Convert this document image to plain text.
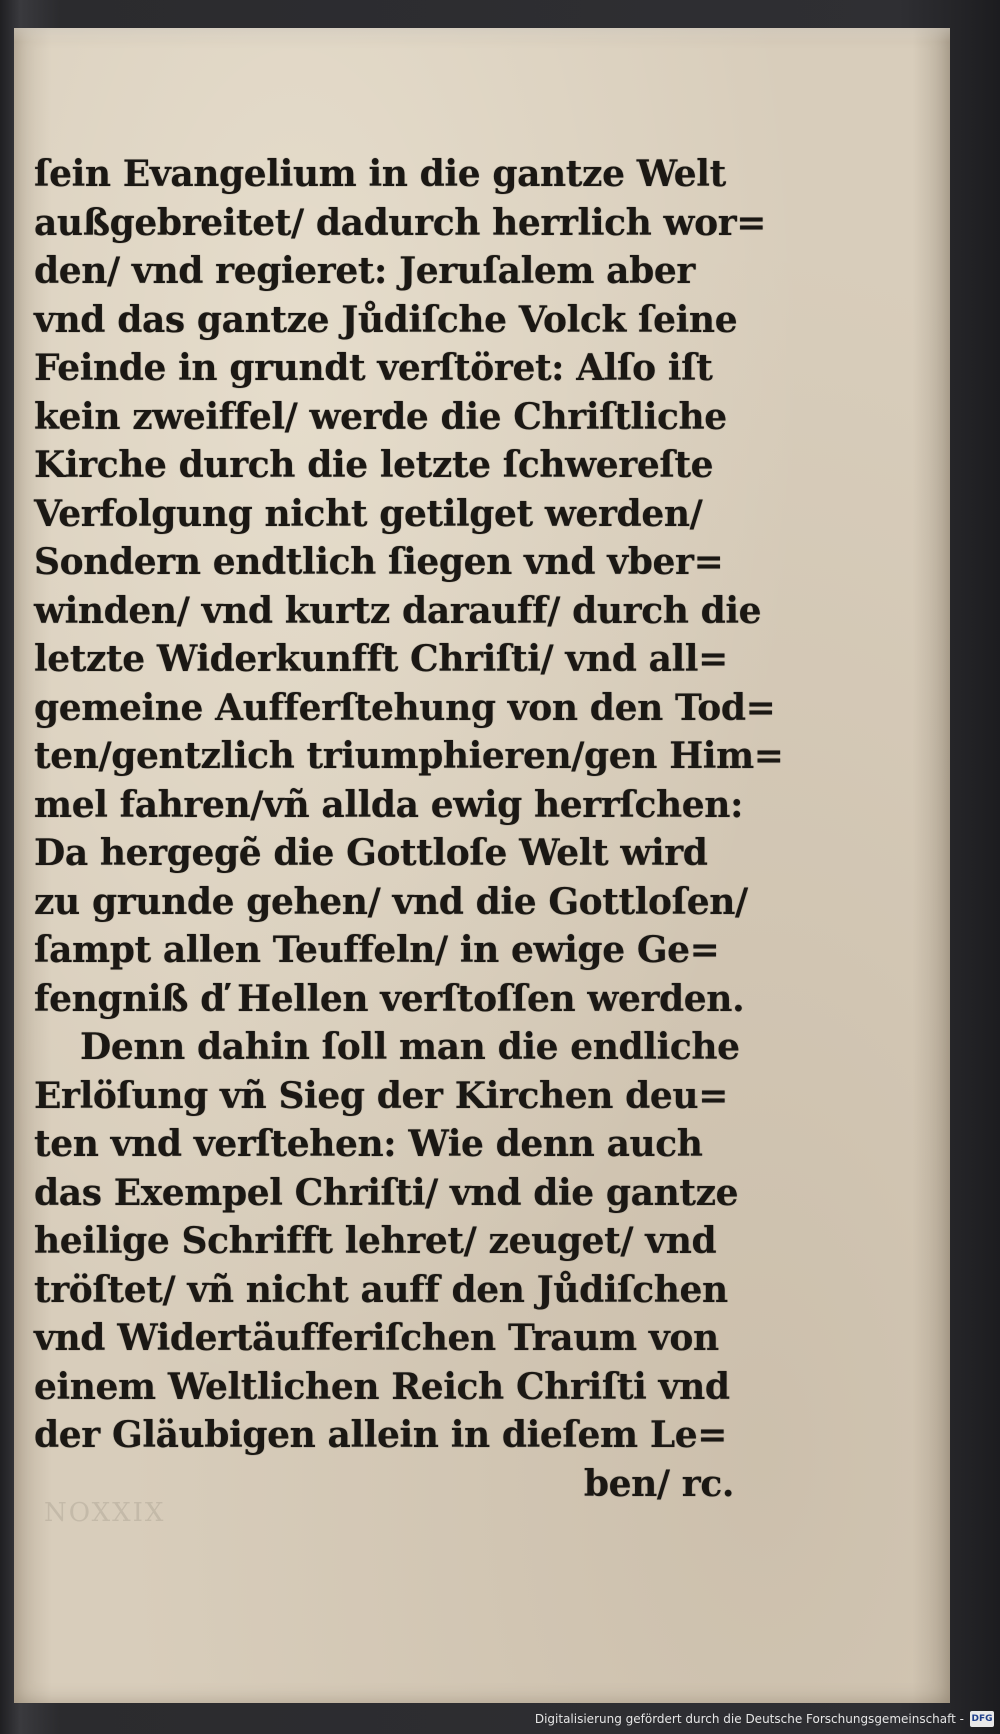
ſein Evangelium in die gantze Welt
außgebreitet/ dadurch herrlich wor=
den/ vnd regieret: Jeruſalem aber
vnd das gantze Jůdiſche Volck ſeine
Feinde in grundt verſtöret: Alſo iſt
kein zweiffel/ werde die Chriſtliche
Kirche durch die letzte ſchwereſte
Verfolgung nicht getilget werden/
Sondern endtlich ſiegen vnd vber=
winden/ vnd kurtz darauff/ durch die
letzte Widerkunfft Chriſti/ vnd all=
gemeine Aufferſtehung von den Tod=
ten/gentzlich triumphieren/gen Him=
mel fahren/vñ allda ewig herrſchen:
Da hergegẽ die Gottloſe Welt wird
zu grunde gehen/ vnd die Gottloſen/
ſampt allen Teuffeln/ in ewige Ge=
fengniß ď Hellen verſtoſſen werden.
Denn dahin ſoll man die endliche
Erlöſung vñ Sieg der Kirchen deu=
ten vnd verſtehen: Wie denn auch
das Exempel Chriſti/ vnd die gantze
heilige Schrifft lehret/ zeuget/ vnd
tröſtet/ vñ nicht auff den Jůdiſchen
vnd Widertäufferiſchen Traum von
einem Weltlichen Reich Chriſti vnd
der Gläubigen allein in dieſem Le=
ben/ rc.
NOXXIX
Digitalisierung gefördert durch die Deutsche Forschungsgemeinschaft - DFG
